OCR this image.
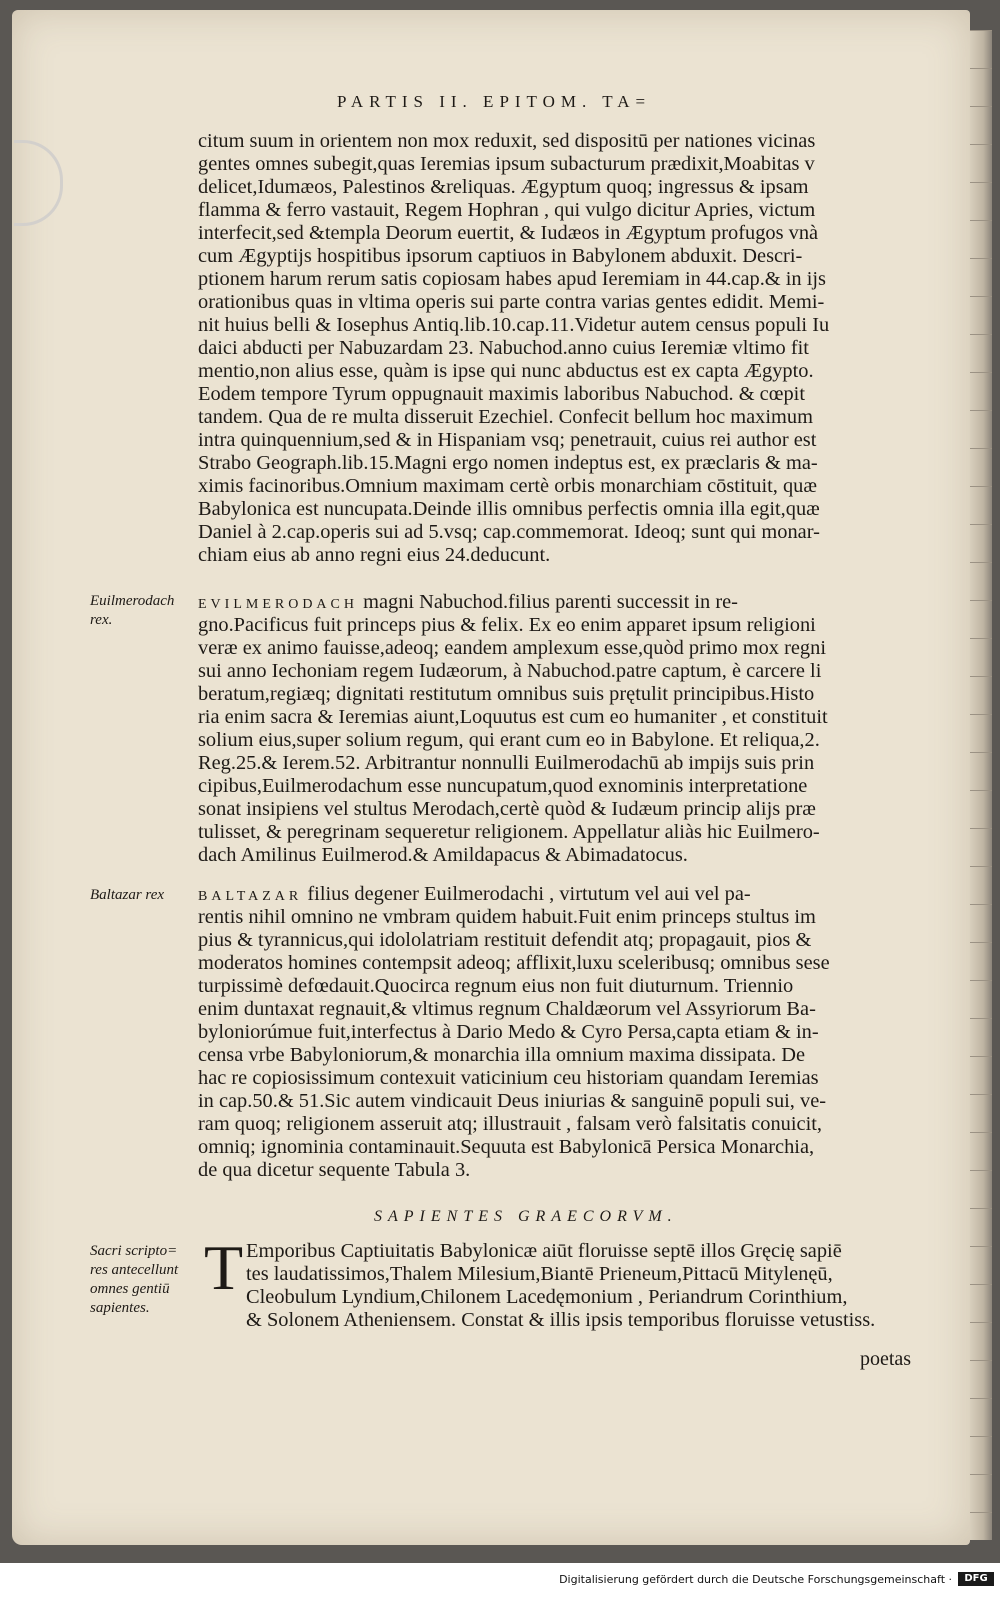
PARTIS II. EPITOM. TA=
citum suum in orientem non mox reduxit, sed dispositū per nationes vicinas
gentes omnes subegit,quas Ieremias ipsum subacturum prædixit,Moabitas v
delicet,Idumæos, Palestinos &reliquas. Ægyptum quoq; ingressus & ipsam
flamma & ferro vastauit, Regem Hophran , qui vulgo dicitur Apries, victum
interfecit,sed &templa Deorum euertit, & Iudæos in Ægyptum profugos vnà
cum Ægyptijs hospitibus ipsorum captiuos in Babylonem abduxit. Descri-
ptionem harum rerum satis copiosam habes apud Ieremiam in 44.cap.& in ijs
orationibus quas in vltima operis sui parte contra varias gentes edidit. Memi-
nit huius belli & Iosephus Antiq.lib.10.cap.11.Videtur autem census populi Iu
daici abducti per Nabuzardam 23. Nabuchod.anno cuius Ieremiæ vltimo fit
mentio,non alius esse, quàm is ipse qui nunc abductus est ex capta Ægypto.
Eodem tempore Tyrum oppugnauit maximis laboribus Nabuchod. & cœpit
tandem. Qua de re multa disseruit Ezechiel. Confecit bellum hoc maximum
intra quinquennium,sed & in Hispaniam vsq; penetrauit, cuius rei author est
Strabo Geograph.lib.15.Magni ergo nomen indeptus est, ex præclaris & ma-
ximis facinoribus.Omnium maximam certè orbis monarchiam cōstituit, quæ
Babylonica est nuncupata.Deinde illis omnibus perfectis omnia illa egit,quæ
Daniel à 2.cap.operis sui ad 5.vsq; cap.commemorat. Ideoq; sunt qui monar-
chiam eius ab anno regni eius 24.deducunt.
Euilmerodach
rex.
EVILMERODACH magni Nabuchod.filius parenti successit in re-
gno.Pacificus fuit princeps pius & felix. Ex eo enim apparet ipsum religioni
veræ ex animo fauisse,adeoq; eandem amplexum esse,quòd primo mox regni
sui anno Iechoniam regem Iudæorum, à Nabuchod.patre captum, è carcere li
beratum,regiæq; dignitati restitutum omnibus suis prętulit principibus.Histo
ria enim sacra & Ieremias aiunt,Loquutus est cum eo humaniter , et constituit
solium eius,super solium regum, qui erant cum eo in Babylone. Et reliqua,2.
Reg.25.& Ierem.52. Arbitrantur nonnulli Euilmerodachū ab impijs suis prin
cipibus,Euilmerodachum esse nuncupatum,quod exnominis interpretatione
sonat insipiens vel stultus Merodach,certè quòd & Iudæum princip alijs præ
tulisset, & peregrinam sequeretur religionem. Appellatur aliàs hic Euilmero-
dach Amilinus Euilmerod.& Amildapacus & Abimadatocus.
Baltazar rex	BALTAZAR filius degener Euilmerodachi , virtutum vel aui vel pa-
rentis nihil omnino ne vmbram quidem habuit.Fuit enim princeps stultus im
pius & tyrannicus,qui idololatriam restituit defendit atq; propagauit, pios &
moderatos homines contempsit adeoq; afflixit,luxu sceleribusq; omnibus sese
turpissimè defœdauit.Quocirca regnum eius non fuit diuturnum. Triennio
enim duntaxat regnauit,& vltimus regnum Chaldæorum vel Assyriorum Ba-
byloniorúmue fuit,interfectus à Dario Medo & Cyro Persa,capta etiam & in-
censa vrbe Babyloniorum,& monarchia illa omnium maxima dissipata. De
hac re copiosissimum contexuit vaticinium ceu historiam quandam Ieremias
in cap.50.& 51.Sic autem vindicauit Deus iniurias & sanguinē populi sui, ve-
ram quoq; religionem asseruit atq; illustrauit , falsam verò falsitatis conuicit,
omniq; ignominia contaminauit.Sequuta est Babylonicā Persica Monarchia,
de qua dicetur sequente Tabula 3.
SAPIENTES GRAECORVM.
Sacri scripto=
res antecellunt
omnes gentiū
sapientes.
T Emporibus Captiuitatis Babylonicæ aiūt floruisse septē illos Gręcię sapiē
tes laudatissimos,Thalem Milesium,Biantē Prieneum,Pittacū Mitylenęū,
Cleobulum Lyndium,Chilonem Lacedęmonium , Periandrum Corinthium,
& Solonem Atheniensem. Constat & illis ipsis temporibus floruisse vetustiss.
poetas
Digitalisierung gefördert durch die Deutsche Forschungsgemeinschaft ·	DFG
